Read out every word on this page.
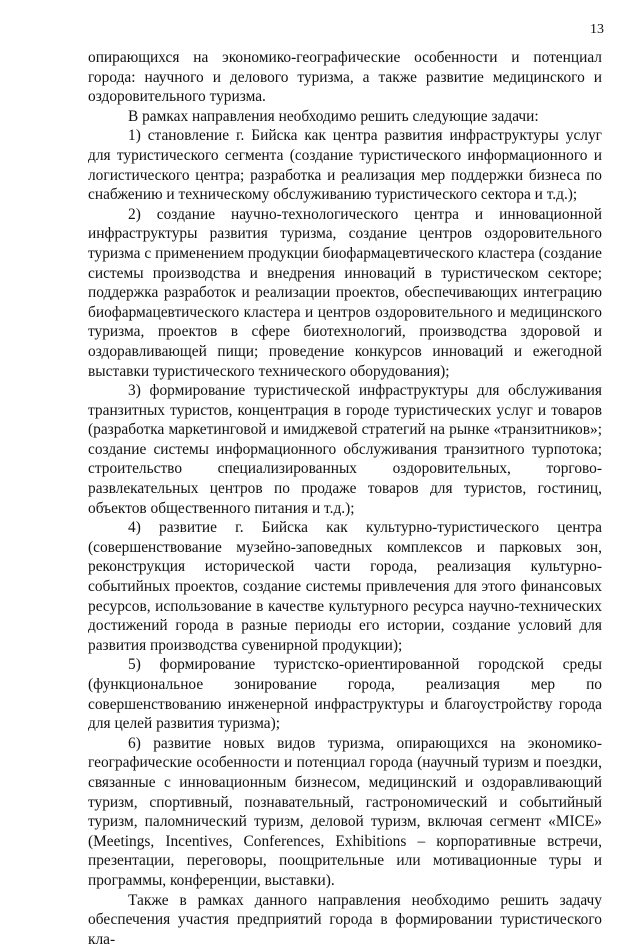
13

опирающихся на экономико-географические особенности и потенциал города: научного и делового туризма, а также развитие медицинского и оздоровительного туризма.

В рамках направления необходимо решить следующие задачи:

1) становление г. Бийска как центра развития инфраструктуры услуг для туристического сегмента (создание туристического информационного и логистического центра; разработка и реализация мер поддержки бизнеса по снабжению и техническому обслуживанию туристического сектора и т.д.);

2) создание научно-технологического центра и инновационной инфраструктуры развития туризма, создание центров оздоровительного туризма с применением продукции биофармацевтического кластера (создание системы производства и внедрения инноваций в туристическом секторе; поддержка разработок и реализации проектов, обеспечивающих интеграцию биофармацевтического кластера и центров оздоровительного и медицинского туризма, проектов в сфере биотехнологий, производства здоровой и оздоравливающей пищи; проведение конкурсов инноваций и ежегодной выставки туристического технического оборудования);

3) формирование туристической инфраструктуры для обслуживания транзитных туристов, концентрация в городе туристических услуг и товаров (разработка маркетинговой и имиджевой стратегий на рынке «транзитников»; создание системы информационного обслуживания транзитного турпотока; строительство специализированных оздоровительных, торгово-развлекательных центров по продаже товаров для туристов, гостиниц, объектов общественного питания и т.д.);

4) развитие г. Бийска как культурно-туристического центра (совершенствование музейно-заповедных комплексов и парковых зон, реконструкция исторической части города, реализация культурно-событийных проектов, создание системы привлечения для этого финансовых ресурсов, использование в качестве культурного ресурса научно-технических достижений города в разные периоды его истории, создание условий для развития производства сувенирной продукции);

5) формирование туристско-ориентированной городской среды (функциональное зонирование города, реализация мер по совершенствованию инженерной инфраструктуры и благоустройству города для целей развития туризма);

6) развитие новых видов туризма, опирающихся на экономико-географические особенности и потенциал города (научный туризм и поездки, связанные с инновационным бизнесом, медицинский и оздоравливающий туризм, спортивный, познавательный, гастрономический и событийный туризм, паломнический туризм, деловой туризм, включая сегмент «MICE» (Meetings, Incentives, Conferences, Exhibitions – корпоративные встречи, презентации, переговоры, поощрительные или мотивационные туры и программы, конференции, выставки).

Также в рамках данного направления необходимо решить задачу обеспечения участия предприятий города в формировании туристического кла-
